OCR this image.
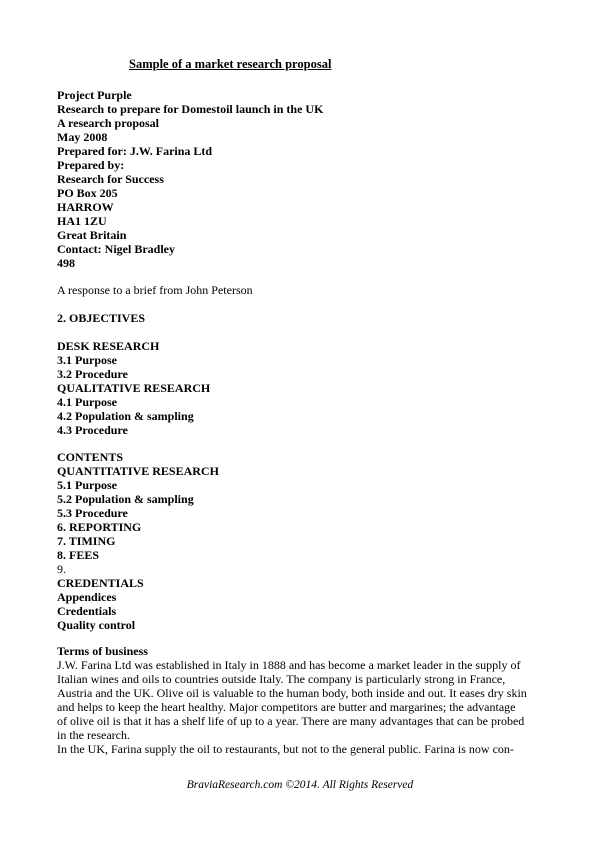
Sample of a market research proposal
Project Purple
Research to prepare for Domestoil launch in the UK
A research proposal
May 2008
Prepared for: J.W. Farina Ltd
Prepared by:
Research for Success
PO Box 205
HARROW
HA1 1ZU
Great Britain
Contact: Nigel Bradley
498
A response to a brief from John Peterson
2. OBJECTIVES
DESK RESEARCH
3.1 Purpose
3.2 Procedure
QUALITATIVE RESEARCH
4.1 Purpose
4.2 Population & sampling
4.3 Procedure
CONTENTS
QUANTITATIVE RESEARCH
5.1 Purpose
5.2 Population & sampling
5.3 Procedure
6. REPORTING
7. TIMING
8. FEES
9.
CREDENTIALS
Appendices
Credentials
Quality control
Terms of business
J.W. Farina Ltd was established in Italy in 1888 and has become a market leader in the supply of
Italian wines and oils to countries outside Italy. The company is particularly strong in France,
Austria and the UK. Olive oil is valuable to the human body, both inside and out. It eases dry skin
and helps to keep the heart healthy. Major competitors are butter and margarines; the advantage
of olive oil is that it has a shelf life of up to a year. There are many advantages that can be probed
in the research.
In the UK, Farina supply the oil to restaurants, but not to the general public. Farina is now con-
BraviaResearch.com ©2014. All Rights Reserved
